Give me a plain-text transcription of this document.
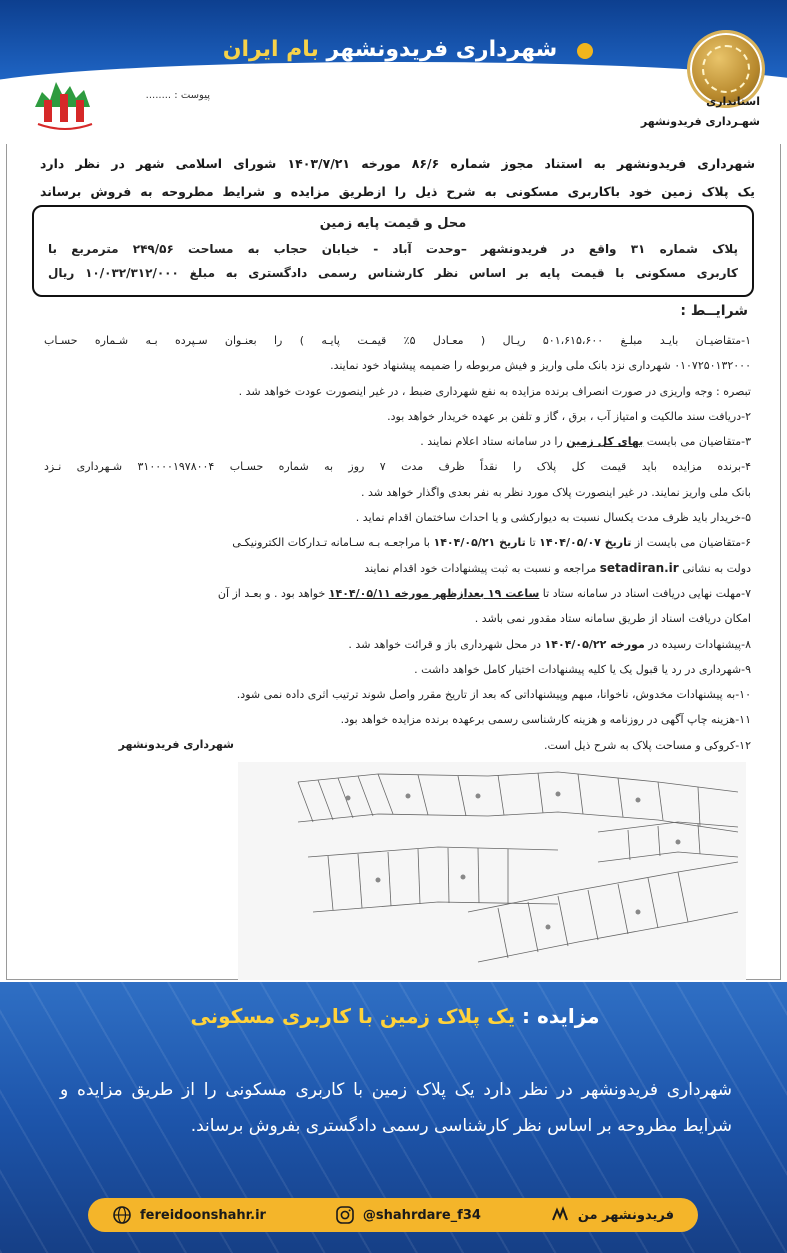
شهرداری فریدونشهر بام ایران
استانداری
شهـرداری فریدونشهر
پیوست : ........
شهرداری فریدونشهر به استناد مجوز شماره ۸۶/۶ مورخه ۱۴۰۳/۷/۲۱ شورای اسلامی شهر در نظر دارد
یک پلاک زمین خود باکاربری مسکونی به شرح ذیل را ازطریق مزایده و شرایط مطروحه به فروش برساند
محل و قیمت پایه زمین
پلاک شماره ۳۱ واقع در فریدونشهر –وحدت آباد - خیابان حجاب به مساحت ۲۴۹/۵۶ مترمربع با
کاربری مسکونی با قیمت پایه بر اساس نظر کارشناس رسمی دادگستری به مبلغ ۱۰/۰۳۲/۳۱۲/۰۰۰ ریال
شرایــط :
۱-متقاضیـان بایـد مبلـغ ۵۰۱،۶۱۵،۶۰۰ ریـال ( معـادل ۵٪ قیمـت پایـه ) را بعنـوان سـپرده بـه شـماره حسـاب
۰۱۰۷۲۵۰۱۳۲۰۰۰ شهرداری نزد بانک ملی واریز و فیش مربوطه را ضمیمه پیشنهاد خود نمایند.
تبصره : وجه واریزی در صورت انصراف برنده مزایده به نفع شهرداری ضبط ، در غیر اینصورت عودت خواهد شد .
۲-دریافت سند مالکیت و امتیاز آب ، برق ، گاز و تلفن بر عهده خریدار خواهد بود.
۳-متقاضیان می بایست بهای کل زمین را در سامانه ستاد اعلام نمایند .
۴-برنده مزایده باید قیمت کل پلاک را نقداً ظرف مدت ۷ روز به شماره حسـاب ۳۱۰۰۰۰۱۹۷۸۰۰۴ شـهرداری نـزد
بانک ملی واریز نمایند. در غیر اینصورت پلاک مورد نظر به نفر بعدی واگذار خواهد شد .
۵-خریدار باید ظرف مدت یکسال نسبت به دیوارکشی و یا احداث ساختمان اقدام نماید .
۶-متقاضیان می بایست از تاریخ ۱۴۰۴/۰۵/۰۷ تا تاریخ ۱۴۰۴/۰۵/۲۱ با مراجعـه بـه سـامانه تـدارکات الکترونیکـی
دولت به نشانی setadiran.ir مراجعه و نسبت به ثبت پیشنهادات خود اقدام نمایند
۷-مهلت نهایی دریافت اسناد در سامانه ستاد تا ساعت ۱۹ بعدازظهر مورخه ۱۴۰۴/۰۵/۱۱ خواهد بود . و بعـد از آن
امکان دریافت اسناد از طریق سامانه ستاد مقدور نمی باشد .
۸-پیشنهادات رسیده در مورخه ۱۴۰۴/۰۵/۲۲ در محل شهرداری باز و قرائت خواهد شد .
۹-شهرداری در رد یا قبول یک یا کلیه پیشنهادات اختیار کامل خواهد داشت .
۱۰-به پیشنهادات مخدوش، ناخوانا، مبهم وپیشنهاداتی که بعد از تاریخ مقرر واصل شوند ترتیب اثری داده نمی شود.
۱۱-هزینه چاپ آگهی در روزنامه و هزینه کارشناسی رسمی برعهده برنده مزایده خواهد بود.
۱۲-کروکی و مساحت پلاک به شرح ذیل است.
شهرداری فریدونشهر
مزایده : یک پلاک زمین با کاربری مسکونی
شهرداری فریدونشهر در نظر دارد یک پلاک زمین با کاربری مسکونی را از طریق مزایده و شرایط مطروحه بر اساس نظر کارشناسی رسمی دادگستری بفروش برساند.
fereidoonshahr.ir	@shahrdare_f34	فریدونشهر من
